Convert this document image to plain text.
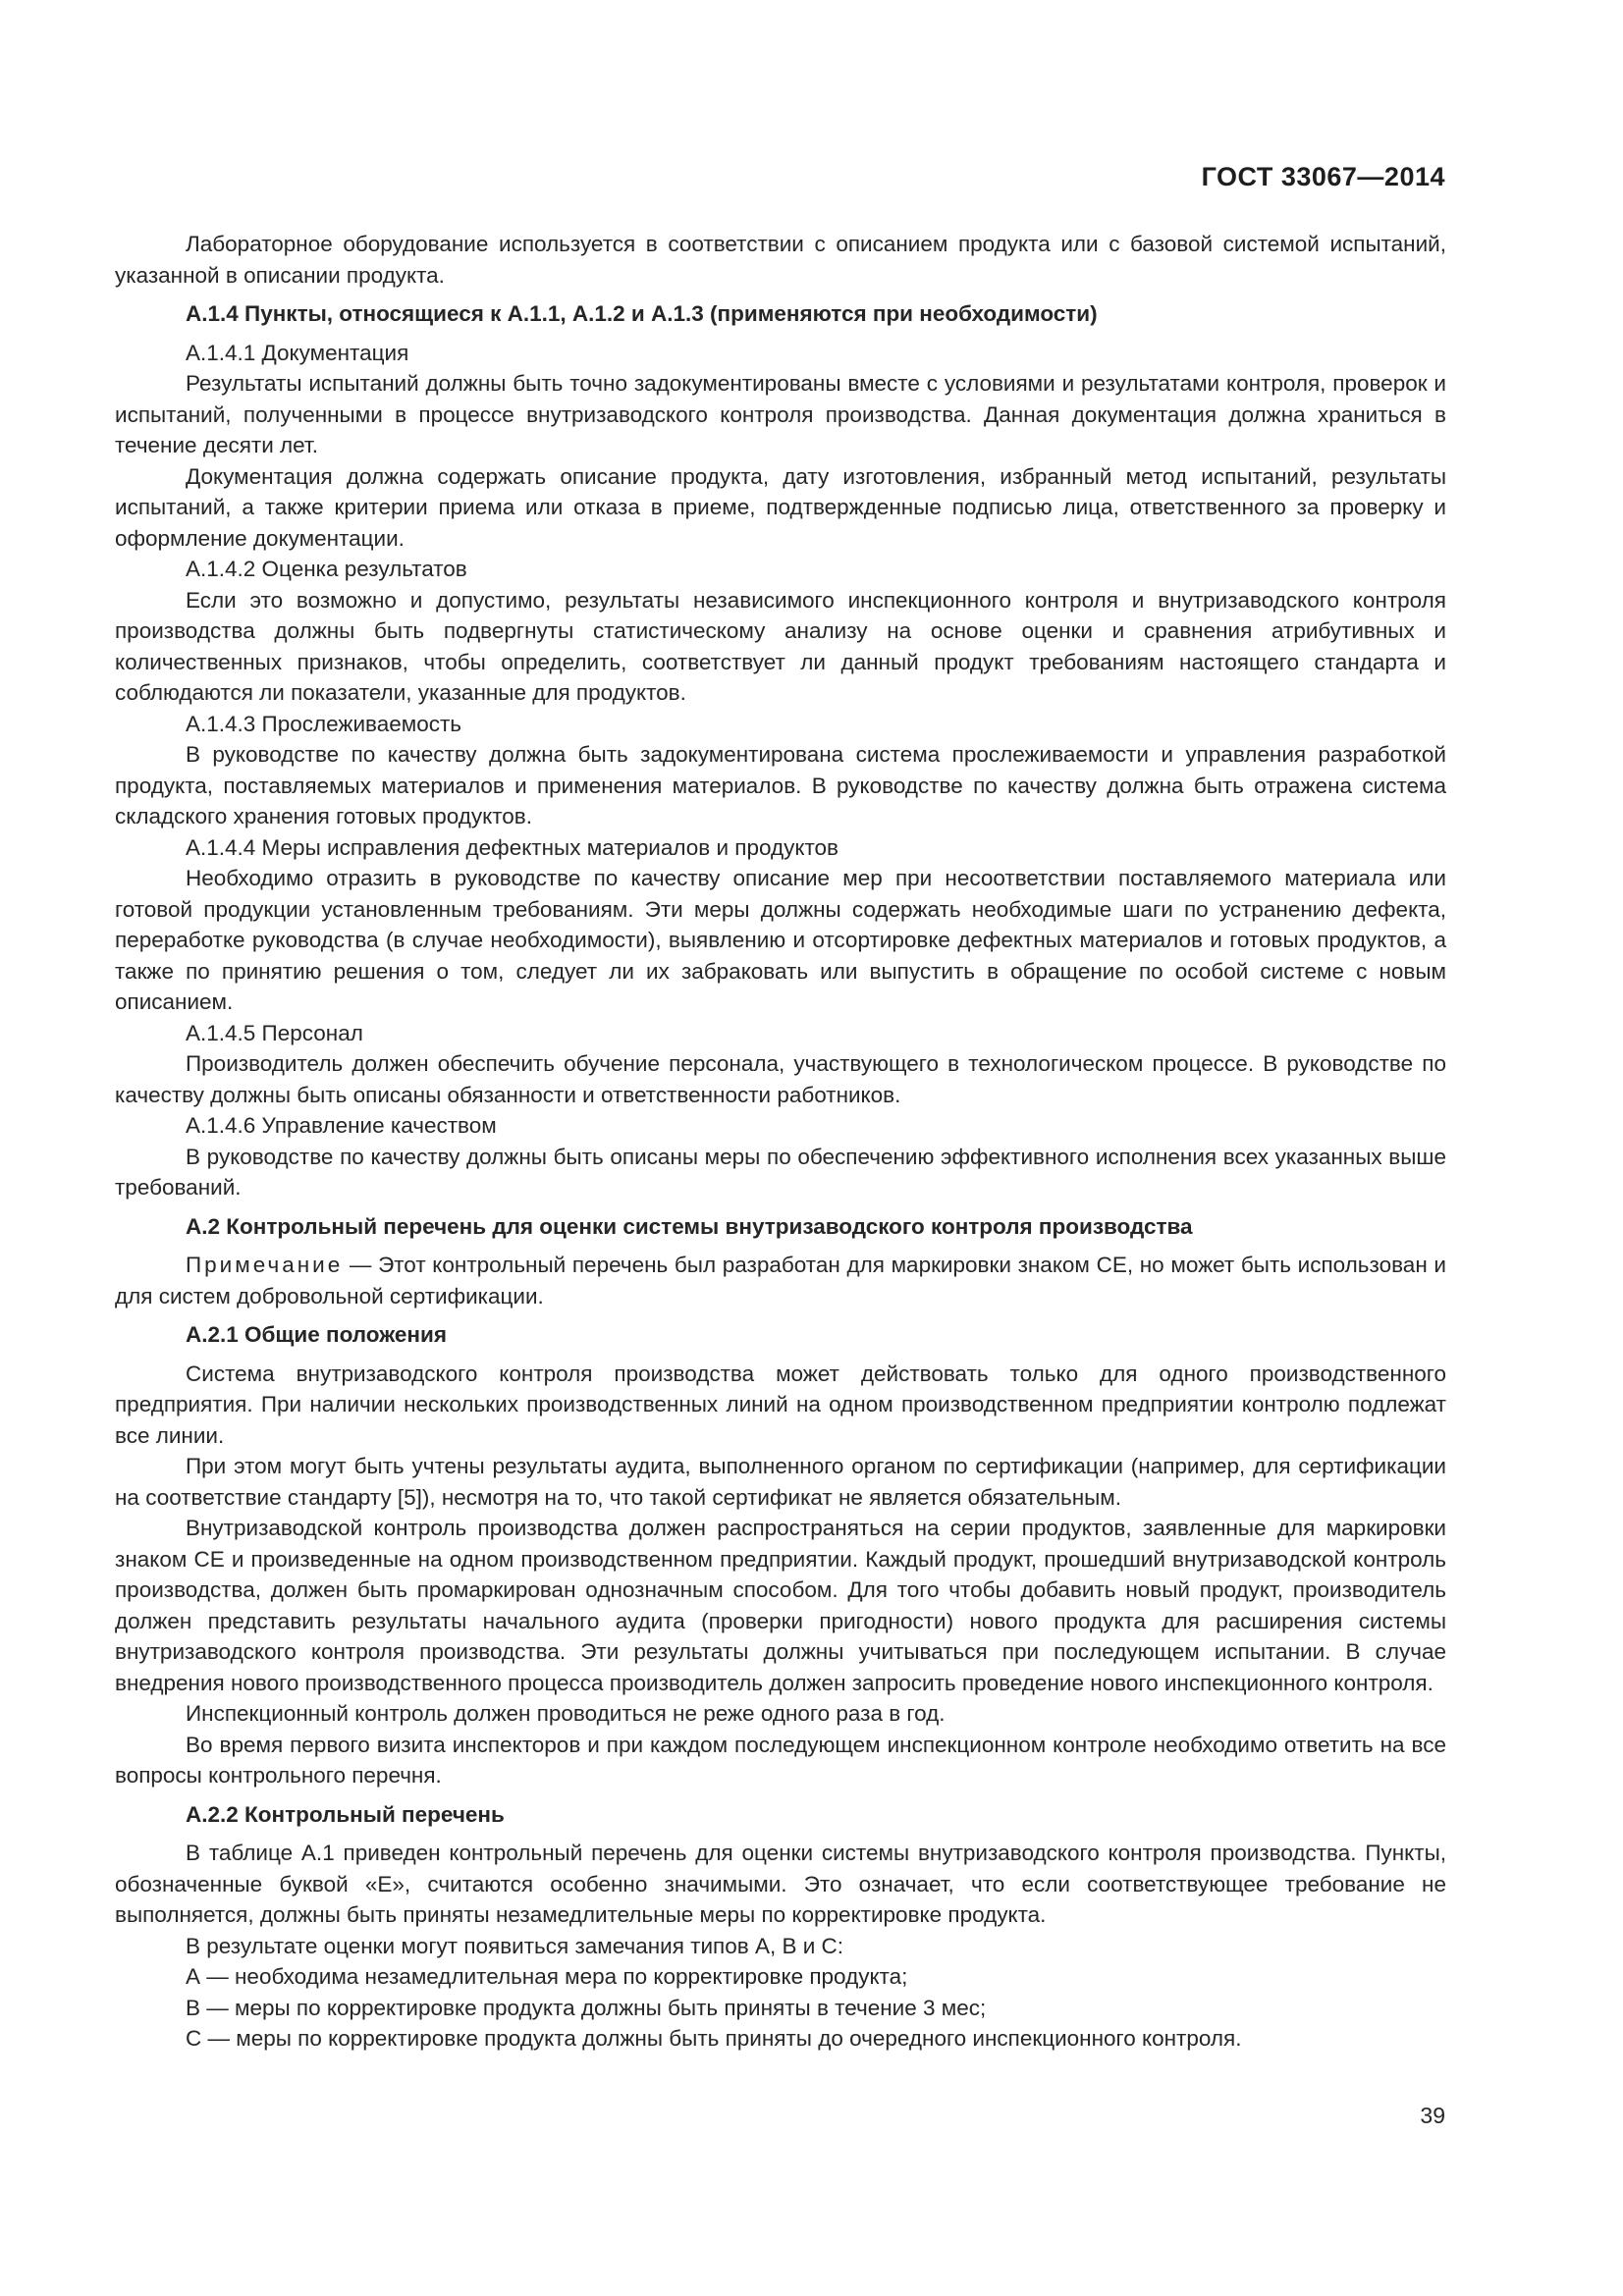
ГОСТ 33067—2014

Лабораторное оборудование используется в соответствии с описанием продукта или с базовой системой испытаний, указанной в описании продукта.

А.1.4 Пункты, относящиеся к А.1.1, А.1.2 и А.1.3 (применяются при необходимости)

А.1.4.1 Документация

Результаты испытаний должны быть точно задокументированы вместе с условиями и результатами контроля, проверок и испытаний, полученными в процессе внутризаводского контроля производства. Данная документация должна храниться в течение десяти лет.

Документация должна содержать описание продукта, дату изготовления, избранный метод испытаний, результаты испытаний, а также критерии приема или отказа в приеме, подтвержденные подписью лица, ответственного за проверку и оформление документации.

А.1.4.2 Оценка результатов

Если это возможно и допустимо, результаты независимого инспекционного контроля и внутризаводского контроля производства должны быть подвергнуты статистическому анализу на основе оценки и сравнения атрибутивных и количественных признаков, чтобы определить, соответствует ли данный продукт требованиям настоящего стандарта и соблюдаются ли показатели, указанные для продуктов.

А.1.4.3 Прослеживаемость

В руководстве по качеству должна быть задокументирована система прослеживаемости и управления разработкой продукта, поставляемых материалов и применения материалов. В руководстве по качеству должна быть отражена система складского хранения готовых продуктов.

А.1.4.4 Меры исправления дефектных материалов и продуктов

Необходимо отразить в руководстве по качеству описание мер при несоответствии поставляемого материала или готовой продукции установленным требованиям. Эти меры должны содержать необходимые шаги по устранению дефекта, переработке руководства (в случае необходимости), выявлению и отсортировке дефектных материалов и готовых продуктов, а также по принятию решения о том, следует ли их забраковать или выпустить в обращение по особой системе с новым описанием.

А.1.4.5 Персонал

Производитель должен обеспечить обучение персонала, участвующего в технологическом процессе. В руководстве по качеству должны быть описаны обязанности и ответственности работников.

А.1.4.6 Управление качеством

В руководстве по качеству должны быть описаны меры по обеспечению эффективного исполнения всех указанных выше требований.

А.2 Контрольный перечень для оценки системы внутризаводского контроля производства

Примечание — Этот контрольный перечень был разработан для маркировки знаком СЕ, но может быть использован и для систем добровольной сертификации.

А.2.1 Общие положения

Система внутризаводского контроля производства может действовать только для одного производственного предприятия. При наличии нескольких производственных линий на одном производственном предприятии контролю подлежат все линии.

При этом могут быть учтены результаты аудита, выполненного органом по сертификации (например, для сертификации на соответствие стандарту [5]), несмотря на то, что такой сертификат не является обязательным.

Внутризаводской контроль производства должен распространяться на серии продуктов, заявленные для маркировки знаком СЕ и произведенные на одном производственном предприятии. Каждый продукт, прошедший внутризаводской контроль производства, должен быть промаркирован однозначным способом. Для того чтобы добавить новый продукт, производитель должен представить результаты начального аудита (проверки пригодности) нового продукта для расширения системы внутризаводского контроля производства. Эти результаты должны учитываться при последующем испытании. В случае внедрения нового производственного процесса производитель должен запросить проведение нового инспекционного контроля.

Инспекционный контроль должен проводиться не реже одного раза в год.

Во время первого визита инспекторов и при каждом последующем инспекционном контроле необходимо ответить на все вопросы контрольного перечня.

А.2.2 Контрольный перечень

В таблице А.1 приведен контрольный перечень для оценки системы внутризаводского контроля производства. Пункты, обозначенные буквой «Е», считаются особенно значимыми. Это означает, что если соответствующее требование не выполняется, должны быть приняты незамедлительные меры по корректировке продукта.

В результате оценки могут появиться замечания типов А, В и С:

А — необходима незамедлительная мера по корректировке продукта;

В — меры по корректировке продукта должны быть приняты в течение 3 мес;

С — меры по корректировке продукта должны быть приняты до очередного инспекционного контроля.

39
